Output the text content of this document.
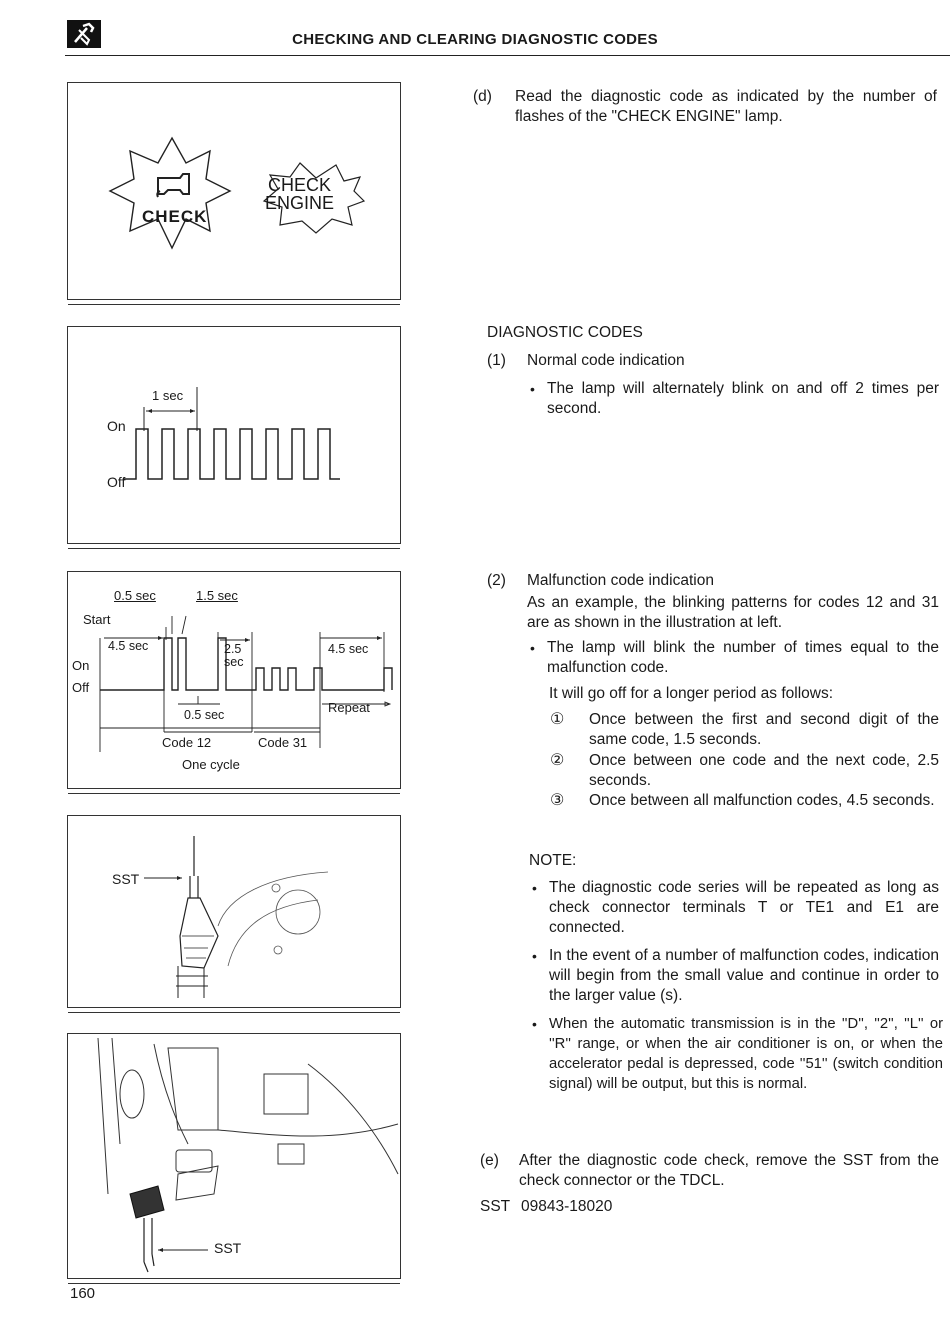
CHECKING AND CLEARING DIAGNOSTIC CODES
CHECK
CHECK
ENGINE
1 sec
On
Off
0.5 sec	1.5 sec
Start
4.5 sec	2.5
sec
4.5 sec
On
Off
0.5 sec	Repeat
Code 12	Code 31
One cycle
SST
SST
160
(d) Read the diagnostic code as indicated by the number of flashes of the "CHECK ENGINE" lamp.
DIAGNOSTIC CODES
(1) Normal code indication
• The lamp will alternately blink on and off 2 times per second.
(2) Malfunction code indication
As an example, the blinking patterns for codes 12 and 31 are as shown in the illustration at left.
• The lamp will blink the number of times equal to the malfunction code.
It will go off for a longer period as follows:
① Once between the first and second digit of the same code, 1.5 seconds.
② Once between one code and the next code, 2.5 seconds.
③ Once between all malfunction codes, 4.5 seconds.
NOTE:
• The diagnostic code series will be repeated as long as check connector terminals T or TE1 and E1 are connected.
• In the event of a number of malfunction codes, indication will begin from the small value and continue in order to the larger value (s).
• When the automatic transmission is in the ''D'', ''2'', ''L'' or ''R'' range, or when the air conditioner is on, or when the accelerator pedal is depressed, code ''51'' (switch condition signal) will be output, but this is normal.
(e) After the diagnostic code check, remove the SST from the check connector or the TDCL.
SST 09843-18020
